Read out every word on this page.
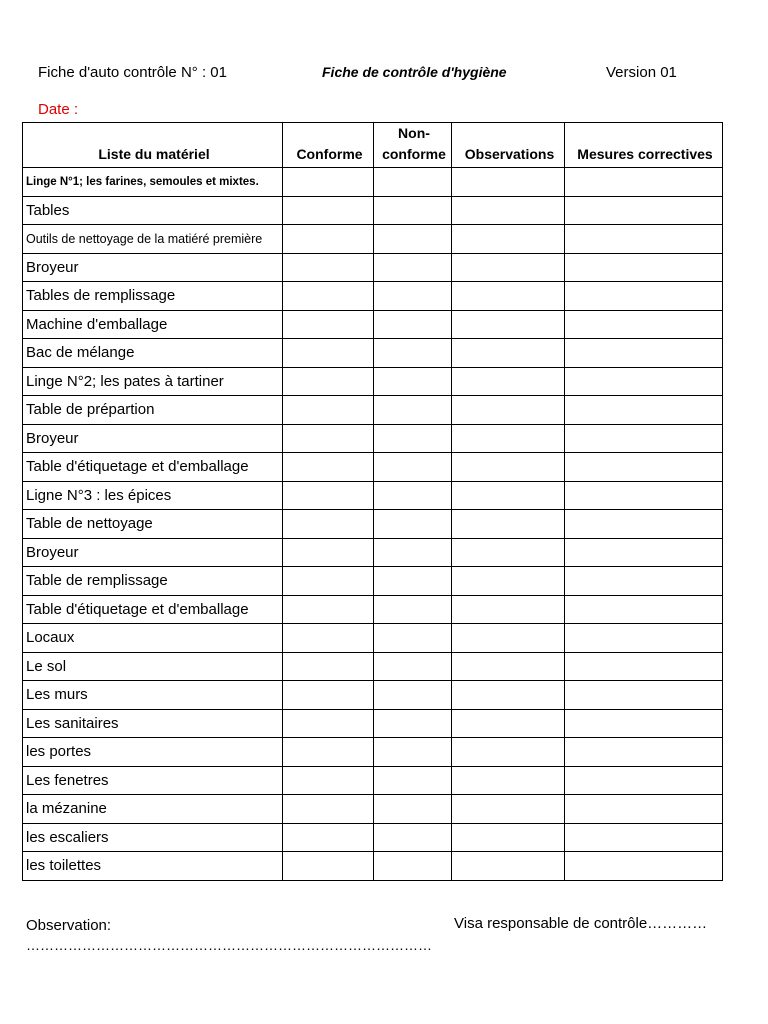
Fiche d'auto contrôle N° : 01	Fiche de contrôle d'hygiène	Version 01
Date :
Liste du matériel	Conforme	Non-conforme	Observations	Mesures correctives
Linge N°1; les farines, semoules et mixtes.				
Tables				
Outils de nettoyage de la matiéré première				
Broyeur				
Tables de remplissage				
Machine d'emballage				
Bac de mélange				
Linge N°2; les pates à tartiner				
Table de prépartion				
Broyeur				
Table d'étiquetage et d'emballage				
Ligne N°3 : les épices				
Table de nettoyage				
Broyeur				
Table de remplissage				
Table d'étiquetage et d'emballage				
Locaux				
Le sol				
Les murs				
Les sanitaires				
les portes				
Les fenetres				
la mézanine				
les escaliers				
les toilettes				
Observation:
……………………………………………………………………………
Visa responsable de contrôle…………
